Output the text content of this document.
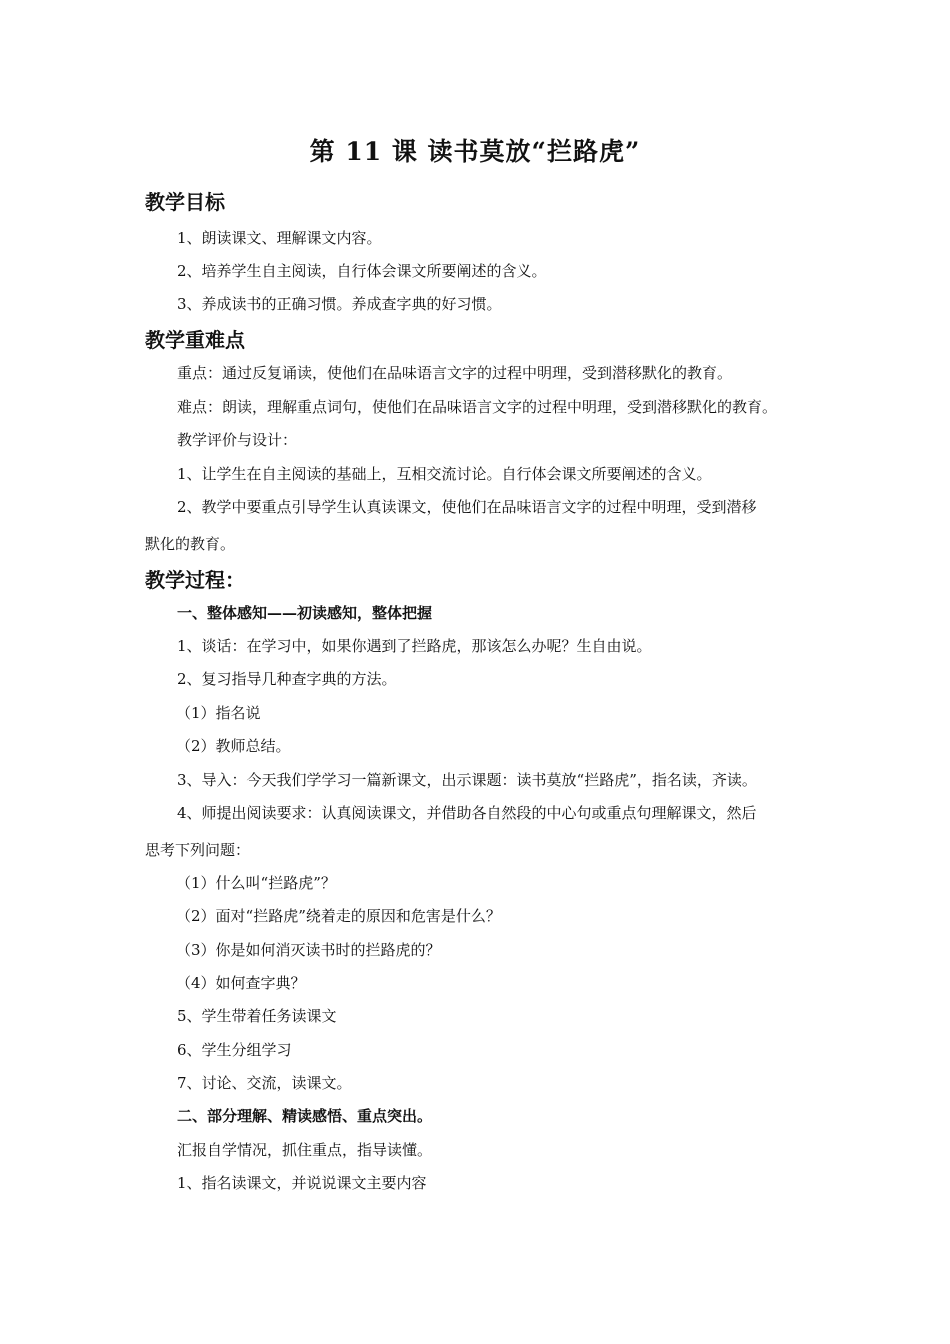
第 11 课 读书莫放“拦路虎”
教学目标
1、朗读课文、理解课文内容。
2、培养学生自主阅读，自行体会课文所要阐述的含义。
3、养成读书的正确习惯。养成查字典的好习惯。
教学重难点
重点：通过反复诵读，使他们在品味语言文字的过程中明理，受到潜移默化的教育。
难点：朗读，理解重点词句，使他们在品味语言文字的过程中明理，受到潜移默化的教育。
教学评价与设计：
1、让学生在自主阅读的基础上，互相交流讨论。自行体会课文所要阐述的含义。
2、教学中要重点引导学生认真读课文，使他们在品味语言文字的过程中明理，受到潜移
默化的教育。
教学过程：
一、整体感知——初读感知，整体把握
1、谈话：在学习中，如果你遇到了拦路虎，那该怎么办呢？生自由说。
2、复习指导几种查字典的方法。
（1）指名说
（2）教师总结。
3、导入：今天我们学学习一篇新课文，出示课题：读书莫放“拦路虎”，指名读，齐读。
4、师提出阅读要求：认真阅读课文，并借助各自然段的中心句或重点句理解课文，然后
思考下列问题：
（1）什么叫“拦路虎”？
（2）面对“拦路虎”绕着走的原因和危害是什么？
（3）你是如何消灭读书时的拦路虎的？
（4）如何查字典？
5、学生带着任务读课文
6、学生分组学习
7、讨论、交流，读课文。
二、部分理解、精读感悟、重点突出。
汇报自学情况，抓住重点，指导读懂。
1、指名读课文，并说说课文主要内容
